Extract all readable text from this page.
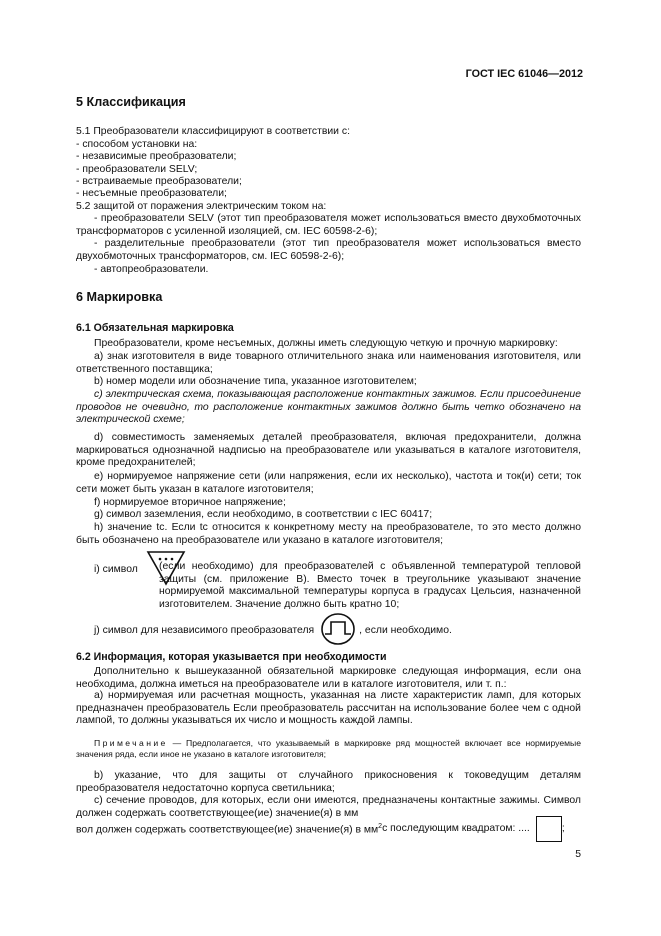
ГОСТ IEC 61046—2012
5 Классификация
5.1 Преобразователи классифицируют в соответствии с:
- способом установки на:
- независимые преобразователи;
- преобразователи SELV;
- встраиваемые преобразователи;
- несъемные преобразователи;
5.2 защитой от поражения электрическим током на:
- преобразователи SELV (этот тип преобразователя может использоваться вместо двухобмоточных трансформаторов с усиленной изоляцией, см. IEC 60598-2-6);
- разделительные преобразователи (этот тип преобразователя может использоваться вместо двухобмоточных трансформаторов, см. IEC 60598-2-6);
- автопреобразователи.
6 Маркировка
6.1 Обязательная маркировка
Преобразователи, кроме несъемных, должны иметь следующую четкую и прочную маркировку:
a) знак изготовителя в виде товарного отличительного знака или наименования изготовителя, или ответственного поставщика;
b) номер модели или обозначение типа, указанное изготовителем;
c) электрическая схема, показывающая расположение контактных зажимов. Если присоединение проводов не очевидно, то расположение контактных зажимов должно быть четко обозначено на электрической схеме;
d) совместимость заменяемых деталей преобразователя, включая предохранители, должна маркироваться однозначной надписью на преобразователе или указываться в каталоге изготовителя, кроме предохранителей;
e) нормируемое напряжение сети (или напряжения, если их несколько), частота и ток(и) сети; ток сети может быть указан в каталоге изготовителя;
f) нормируемое вторичное напряжение;
g) символ заземления, если необходимо, в соответствии с IEC 60417;
h) значение tc. Если tc относится к конкретному месту на преобразователе, то это место должно быть обозначено на преобразователе или указано в каталоге изготовителя;
i) символ (если необходимо) для преобразователей с объявленной температурой тепловой защиты (см. приложение B). Вместо точек в треугольнике указывают значение нормируемой максимальной температуры корпуса в градусах Цельсия, назначенной изготовителем. Значение должно быть кратно 10;
j) символ для независимого преобразователя	, если необходимо.
6.2 Информация, которая указывается при необходимости
Дополнительно к вышеуказанной обязательной маркировке следующая информация, если она необходима, должна иметься на преобразователе или в каталоге изготовителя, или т. п.:
a) нормируемая или расчетная мощность, указанная на листе характеристик ламп, для которых предназначен преобразователь Если преобразователь рассчитан на использование более чем с одной лампой, то должны указываться их число и мощность каждой лампы.
Примечание — Предполагается, что указываемый в маркировке ряд мощностей включает все нормируемые значения ряда, если иное не указано в каталоге изготовителя;
b) указание, что для защиты от случайного прикосновения к токоведущим деталям преобразователя недостаточно корпуса светильника;
c) сечение проводов, для которых, если они имеются, предназначены контактные зажимы. Символ должен содержать соответствующее(ие) значение(я) в мм
вол должен содержать соответствующее(ие) значение(я) в $мм^2$ с последующим квадратом: ....	;
5
